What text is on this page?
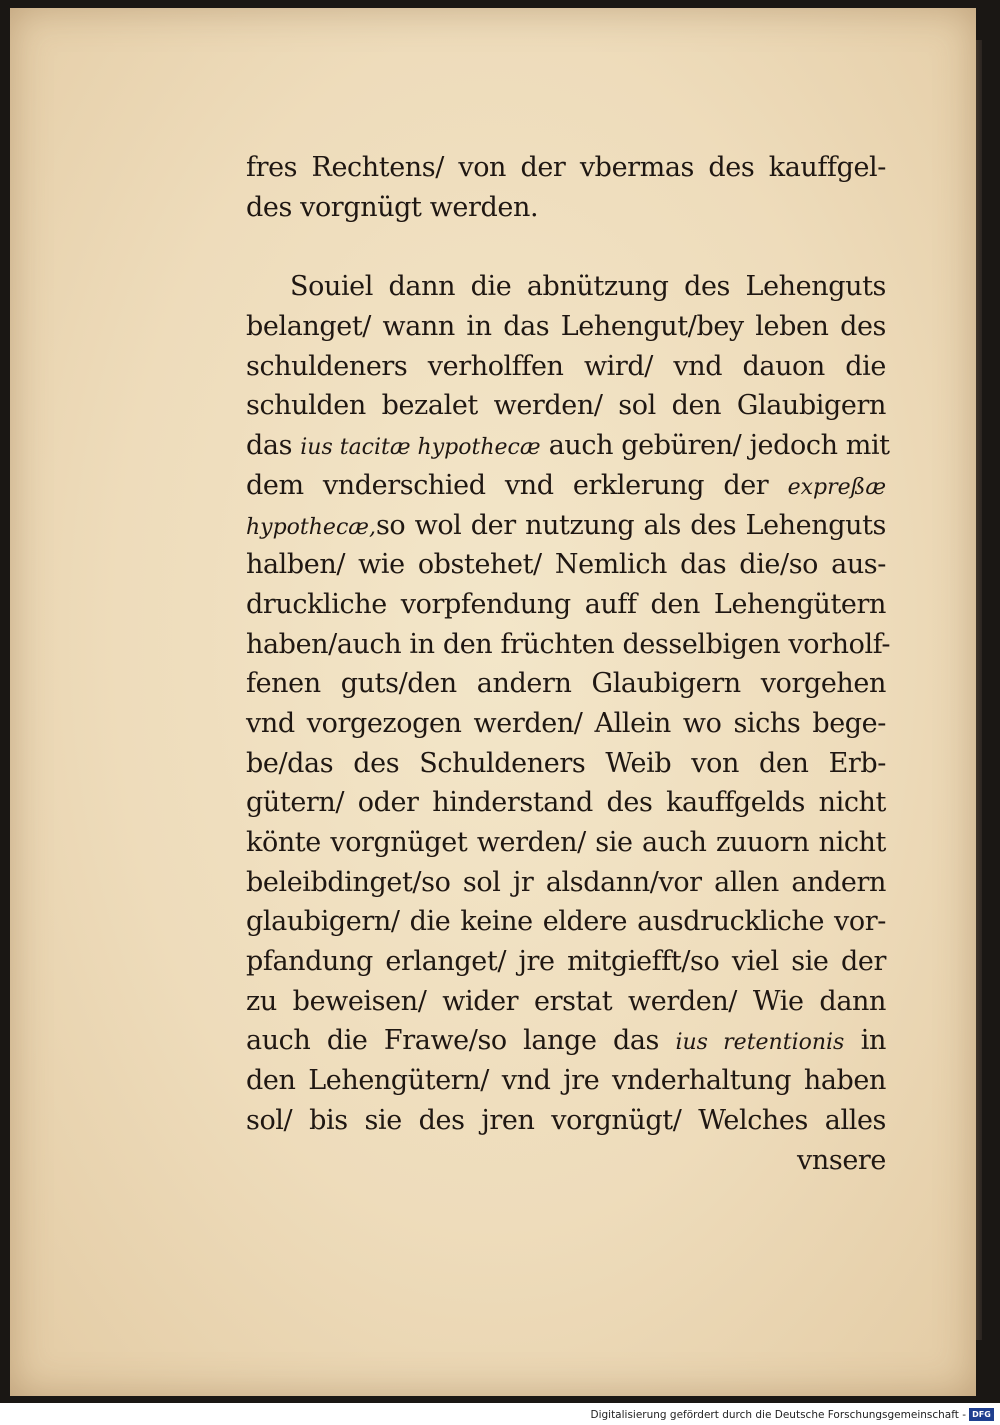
fres Rechtens/ von der vbermas des kauffgel-
des vorgnügt werden.
Souiel dann die abnützung des Lehenguts
belanget/ wann in das Lehengut/bey leben des
schuldeners verholffen wird/ vnd dauon die
schulden bezalet werden/ sol den Glaubigern
das ius tacitæ hypothecæ auch gebüren/ jedoch mit
dem vnderschied vnd erklerung der expreßæ
hypothecæ,so wol der nutzung als des Lehenguts
halben/ wie obstehet/ Nemlich das die/so aus-
druckliche vorpfendung auff den Lehengütern
haben/auch in den früchten desselbigen vorholf-
fenen guts/den andern Glaubigern vorgehen
vnd vorgezogen werden/ Allein wo sichs bege-
be/das des Schuldeners Weib von den Erb-
gütern/ oder hinderstand des kauffgelds nicht
könte vorgnüget werden/ sie auch zuuorn nicht
beleibdinget/so sol jr alsdann/vor allen andern
glaubigern/ die keine eldere ausdruckliche vor-
pfandung erlanget/ jre mitgiefft/so viel sie der
zu beweisen/ wider erstat werden/ Wie dann
auch die Frawe/so lange das ius retentionis in
den Lehengütern/ vnd jre vnderhaltung haben
sol/ bis sie des jren vorgnügt/ Welches alles
vnsere
Digitalisierung gefördert durch die Deutsche Forschungsgemeinschaft - DFG
